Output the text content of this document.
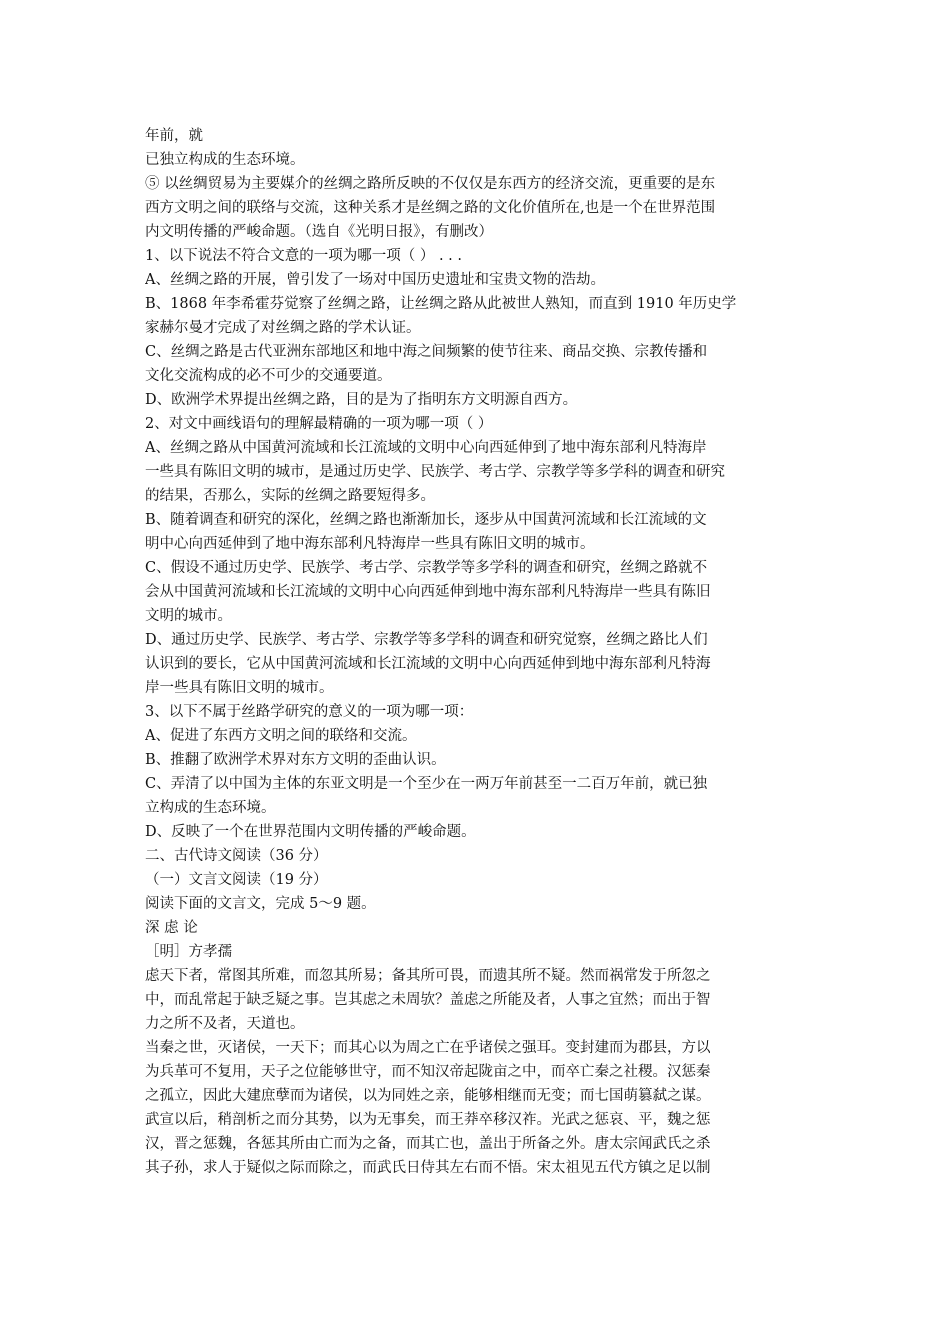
年前，就
已独立构成的生态环境。
⑤ 以丝绸贸易为主要媒介的丝绸之路所反映的不仅仅是东西方的经济交流，更重要的是东
西方文明之间的联络与交流，这种关系才是丝绸之路的文化价值所在,也是一个在世界范围
内文明传播的严峻命题。（选自《光明日报》，有删改）
1、以下说法不符合文意的一项为哪一项（ ） . . .
A、丝绸之路的开展，曾引发了一场对中国历史遗址和宝贵文物的浩劫。
B、1868 年李希霍芬觉察了丝绸之路，让丝绸之路从此被世人熟知，而直到 1910 年历史学
家赫尔曼才完成了对丝绸之路的学术认证。
C、丝绸之路是古代亚洲东部地区和地中海之间频繁的使节往来、商品交换、宗教传播和
文化交流构成的必不可少的交通要道。
D、欧洲学术界提出丝绸之路，目的是为了指明东方文明源自西方。
2、对文中画线语句的理解最精确的一项为哪一项（ ）
A、丝绸之路从中国黄河流域和长江流域的文明中心向西延伸到了地中海东部利凡特海岸
一些具有陈旧文明的城市，是通过历史学、民族学、考古学、宗教学等多学科的调查和研究
的结果，否那么，实际的丝绸之路要短得多。
B、随着调查和研究的深化，丝绸之路也渐渐加长，逐步从中国黄河流域和长江流域的文
明中心向西延伸到了地中海东部利凡特海岸一些具有陈旧文明的城市。
C、假设不通过历史学、民族学、考古学、宗教学等多学科的调查和研究，丝绸之路就不
会从中国黄河流域和长江流域的文明中心向西延伸到地中海东部利凡特海岸一些具有陈旧
文明的城市。
D、通过历史学、民族学、考古学、宗教学等多学科的调查和研究觉察，丝绸之路比人们
认识到的要长，它从中国黄河流域和长江流域的文明中心向西延伸到地中海东部利凡特海
岸一些具有陈旧文明的城市。
3、以下不属于丝路学研究的意义的一项为哪一项：
A、促进了东西方文明之间的联络和交流。
B、推翻了欧洲学术界对东方文明的歪曲认识。
C、弄清了以中国为主体的东亚文明是一个至少在一两万年前甚至一二百万年前，就已独
立构成的生态环境。
D、反映了一个在世界范围内文明传播的严峻命题。
二、古代诗文阅读（36 分）
（一）文言文阅读（19 分）
阅读下面的文言文，完成 5～9 题。
深 虑 论
［明］方孝孺
虑天下者，常图其所难，而忽其所易；备其所可畏，而遗其所不疑。然而祸常发于所忽之
中，而乱常起于缺乏疑之事。岂其虑之未周欤？盖虑之所能及者，人事之宜然；而出于智
力之所不及者，天道也。
当秦之世，灭诸侯，一天下；而其心以为周之亡在乎诸侯之强耳。变封建而为郡县，方以
为兵革可不复用，天子之位能够世守，而不知汉帝起陇亩之中，而卒亡秦之社稷。汉惩秦
之孤立，因此大建庶孽而为诸侯，以为同姓之亲，能够相继而无变；而七国萌篡弑之谋。
武宣以后，稍剖析之而分其势，以为无事矣，而王莽卒移汉祚。光武之惩哀、平，魏之惩
汉，晋之惩魏，各惩其所由亡而为之备，而其亡也，盖出于所备之外。唐太宗闻武氏之杀
其子孙，求人于疑似之际而除之，而武氏日侍其左右而不悟。宋太祖见五代方镇之足以制
